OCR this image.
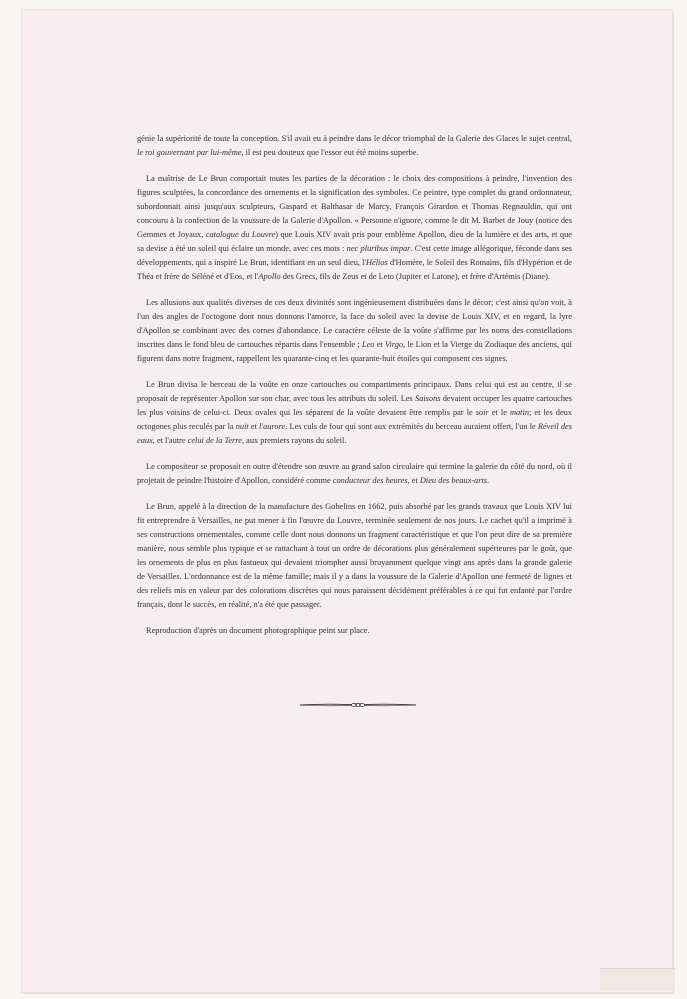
génie la supériorité de toute la conception. S'il avait eu à peindre dans le décor triomphal de la Galerie des Glaces le sujet central, le roi gouvernant par lui-même, il est peu douteux que l'essor eut été moins superbe.

La maîtrise de Le Brun comportait toutes les parties de la décoration : le choix des compositions à peindre, l'invention des figures sculptées, la concordance des ornements et la signification des symboles. Ce peintre, type complet du grand ordonnateur, subordonnait ainsi jusqu'aux sculpteurs, Gaspard et Balthasar de Marcy, François Girardon et Thomas Regnauldin, qui ont concouru à la confection de la voussure de la Galerie d'Apollon. « Personne n'ignore, comme le dit M. Barbet de Jouy (notice des Gemmes et Joyaux, catalogue du Louvre) que Louis XIV avait pris pour emblème Apollon, dieu de la lumière et des arts, et que sa devise a été un soleil qui éclaire un monde, avec ces mots : nec pluribus impar. C'est cette image allégorique, féconde dans ses développements, qui a inspiré Le Brun, identifiant en un seul dieu, l'Hélios d'Homère, le Soleil des Romains, fils d'Hypérion et de Théa et frère de Séléné et d'Eos, et l'Apollo des Grecs, fils de Zeus et de Leto (Jupiter et Latone), et frère d'Artémis (Diane).

Les allusions aux qualités diverses de ces deux divinités sont ingénieusement distribuées dans le décor; c'est ainsi qu'on voit, à l'un des angles de l'octogone dont nous donnons l'amorce, la face du soleil avec la devise de Louis XIV, et en regard, la lyre d'Apollon se combinant avec des cornes d'abondance. Le caractère céleste de la voûte s'affirme par les noms des constellations inscrites dans le fond bleu de cartouches répartis dans l'ensemble ; Leo et Virgo, le Lion et la Vierge du Zodiaque des anciens, qui figurent dans notre fragment, rappellent les quarante-cinq et les quarante-huit étoiles qui composent ces signes.

Le Brun divisa le berceau de la voûte en onze cartouches ou compartiments principaux. Dans celui qui est au centre, il se proposait de représenter Apollon sur son char, avec tous les attributs du soleil. Les Saisons devaient occuper les quatre cartouches les plus voisins de celui-ci. Deux ovales qui les séparent de la voûte devaient être remplis par le soir et le matin; et les deux octogones plus reculés par la nuit et l'aurore. Les culs de four qui sont aux extrémités du berceau auraient offert, l'un le Réveil des eaux, et l'autre celui de la Terre, aux premiers rayons du soleil.

Le compositeur se proposait en outre d'étendre son œuvre au grand salon circulaire qui termine la galerie du côté du nord, où il projetait de peindre l'histoire d'Apollon, considéré comme conducteur des heures, et Dieu des beaux-arts.

Le Brun, appelé à la direction de la manufacture des Gobelins en 1662, puis absorbé par les grands travaux que Louis XIV lui fit entreprendre à Versailles, ne put mener à fin l'œuvre du Louvre, terminée seulement de nos jours. Le cachet qu'il a imprimé à ses constructions ornementales, comme celle dont nous donnons un fragment caractéristique et que l'on peut dire de sa première manière, nous semble plus typique et se rattachant à tout un ordre de décorations plus généralement supérieures par le goût, que les ornements de plus en plus fastueux qui devaient triompher aussi bruyamment quelque vingt ans après dans la grande galerie de Versailles. L'ordonnance est de la même famille; mais il y a dans la voussure de la Galerie d'Apollon une fermeté de lignes et des reliefs mis en valeur par des colorations discrètes qui nous paraissent décidément préférables à ce qui fut enfanté par l'ordre français, dont le succès, en réalité, n'a été que passager.

Reproduction d'après un document photographique peint sur place.
